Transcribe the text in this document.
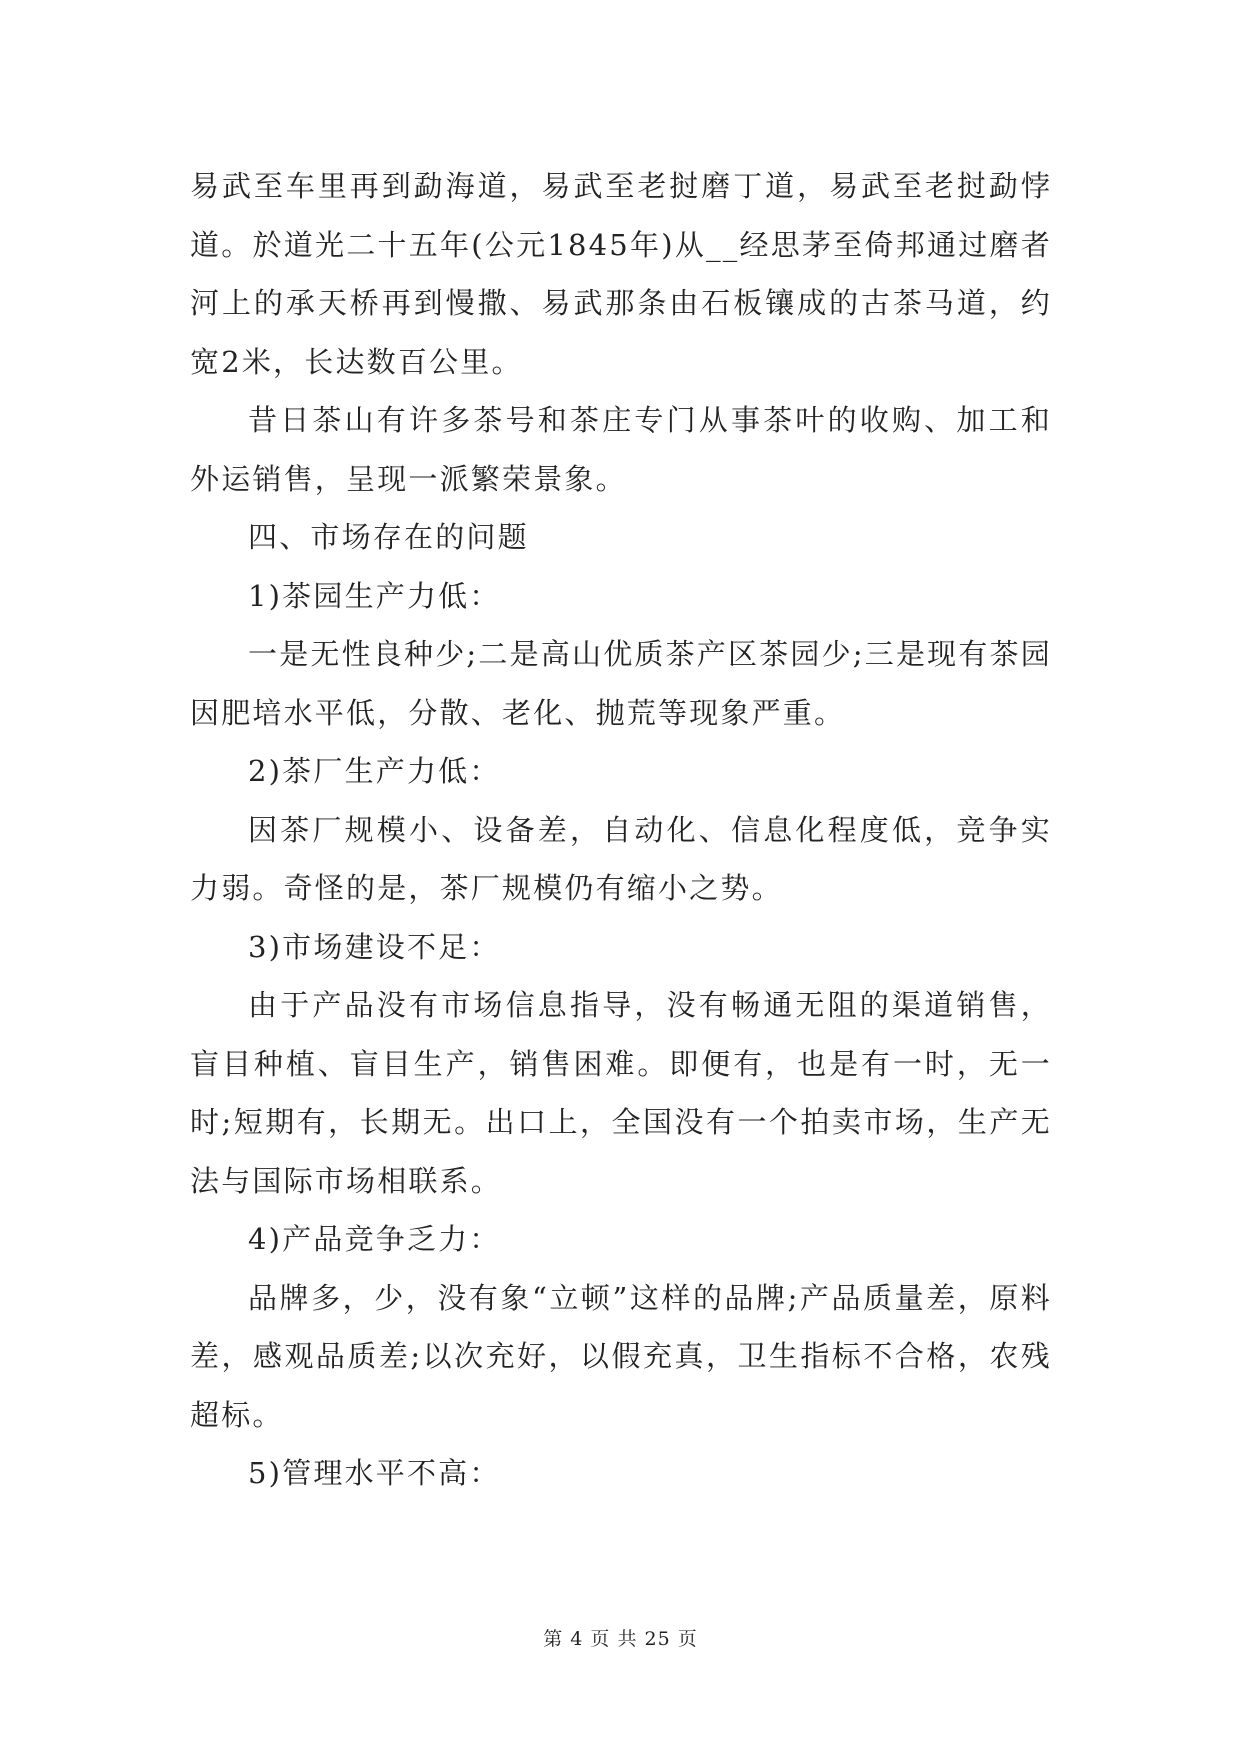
易武至车里再到勐海道，易武至老挝磨丁道，易武至老挝勐悖道。於道光二十五年(公元1845年)从__经思茅至倚邦通过磨者河上的承天桥再到慢撒、易武那条由石板镶成的古茶马道，约宽2米，长达数百公里。

昔日茶山有许多茶号和茶庄专门从事茶叶的收购、加工和外运销售，呈现一派繁荣景象。

四、市场存在的问题

1)茶园生产力低：

一是无性良种少;二是高山优质茶产区茶园少;三是现有茶园因肥培水平低，分散、老化、抛荒等现象严重。

2)茶厂生产力低：

因茶厂规模小、设备差，自动化、信息化程度低，竞争实力弱。奇怪的是，茶厂规模仍有缩小之势。

3)市场建设不足：

由于产品没有市场信息指导，没有畅通无阻的渠道销售，盲目种植、盲目生产，销售困难。即便有，也是有一时，无一时;短期有，长期无。出口上，全国没有一个拍卖市场，生产无法与国际市场相联系。

4)产品竞争乏力：

品牌多，少，没有象“立顿”这样的品牌;产品质量差，原料差，感观品质差;以次充好，以假充真，卫生指标不合格，农残超标。

5)管理水平不高：

第 4 页 共 25 页
